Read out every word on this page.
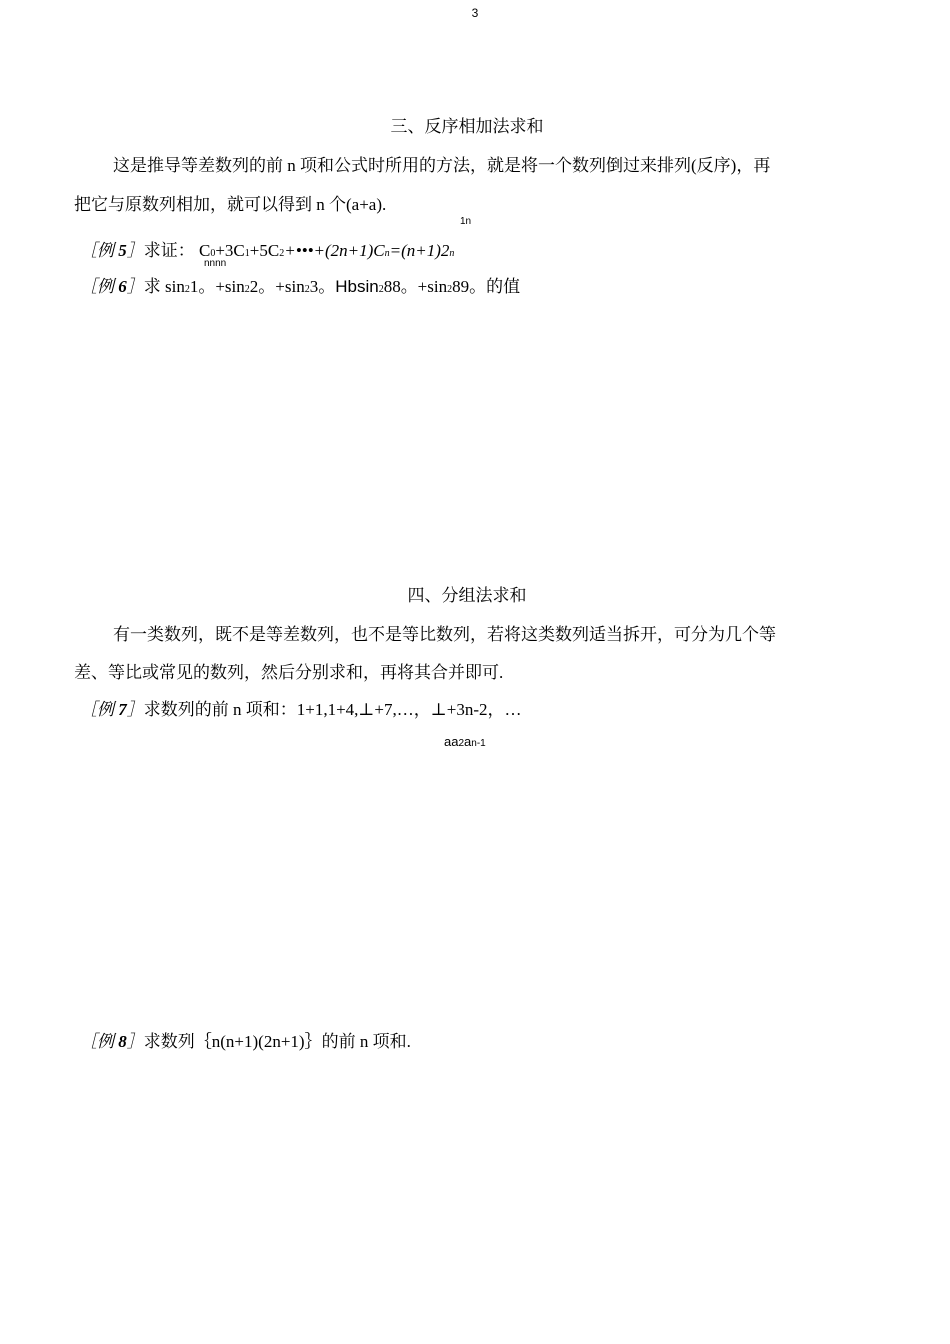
3
三、反序相加法求和
这是推导等差数列的前 n 项和公式时所用的方法，就是将一个数列倒过来排列(反序)，再
把它与原数列相加，就可以得到 n 个(a+a).
1n
［例 5］求证： C0+3C1+5C2+•••+(2n+1)Cn=(n+1)2n
nnnn
［例 6］求 sin21。+sin22。+sin23。Hbsin288。+sin289。的值
四、分组法求和
有一类数列，既不是等差数列，也不是等比数列，若将这类数列适当拆开，可分为几个等
差、等比或常见的数列，然后分别求和，再将其合并即可.
［例 7］求数列的前 n 项和：1+1,1+4,⊥+7,…，⊥+3n-2，…
aa2an-1
［例 8］求数列｛n(n+1)(2n+1)｝的前 n 项和.
